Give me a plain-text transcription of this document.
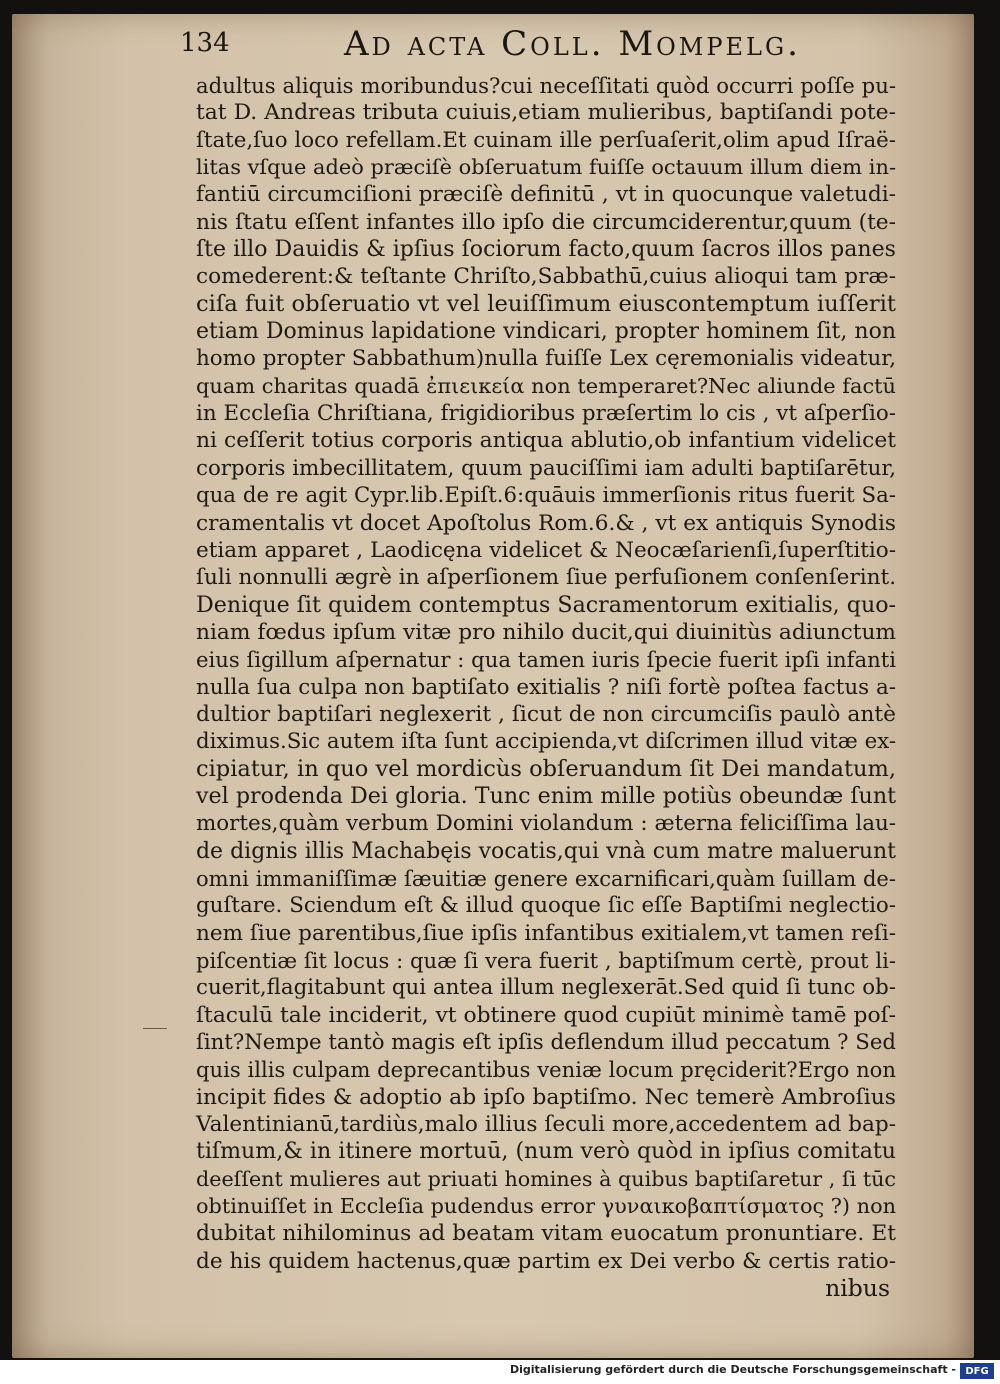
134	Ad acta Coll. Mompelg.
adultus aliquis moribundus?cui neceſſitati quòd occurri poſſe pu-
tat D. Andreas tributa cuiuis,etiam mulieribus, baptiſandi pote-
ſtate,ſuo loco refellam.Et cuinam ille perſuaſerit,olim apud Iſraë-
litas vſque adeò præciſè obſeruatum fuiſſe octauum illum diem in-
fantiū circumciſioni præciſè definitū , vt in quocunque valetudi-
nis ſtatu eſſent infantes illo ipſo die circumciderentur,quum (te-
ſte illo Dauidis & ipſius ſociorum facto,quum ſacros illos panes
comederent:& teſtante Chriſto,Sabbathū,cuius alioqui tam præ-
ciſa fuit obſeruatio vt vel leuiſſimum eiuscontemptum iuſſerit
etiam Dominus lapidatione vindicari, propter hominem ſit, non
homo propter Sabbathum)nulla fuiſſe Lex cęremonialis videatur,
quam charitas quadā ἐπιεικεία non temperaret?Nec aliunde factū
in Eccleſia Chriſtiana, frigidioribus præſertim lo cis , vt aſperſio-
ni ceſſerit totius corporis antiqua ablutio,ob infantium videlicet
corporis imbecillitatem, quum pauciſſimi iam adulti baptiſarētur,
qua de re agit Cypr.lib.Epiſt.6:quāuis immerſionis ritus fuerit Sa-
cramentalis vt docet Apoſtolus Rom.6.& , vt ex antiquis Synodis
etiam apparet , Laodicęna videlicet & Neocæſarienſi,ſuperſtitio-
ſuli nonnulli ægrè in aſperſionem ſiue perfuſionem conſenſerint.
Denique ſit quidem contemptus Sacramentorum exitialis, quo-
niam fœdus ipſum vitæ pro nihilo ducit,qui diuinitùs adiunctum
eius ſigillum aſpernatur : qua tamen iuris ſpecie fuerit ipſi infanti
nulla ſua culpa non baptiſato exitialis ? niſi fortè poſtea factus a-
dultior baptiſari neglexerit , ſicut de non circumciſis paulò antè
diximus.Sic autem iſta ſunt accipienda,vt diſcrimen illud vitæ ex-
cipiatur, in quo vel mordicùs obſeruandum ſit Dei mandatum,
vel prodenda Dei gloria. Tunc enim mille potiùs obeundæ ſunt
mortes,quàm verbum Domini violandum : æterna feliciſſima lau-
de dignis illis Machabęis vocatis,qui vnà cum matre maluerunt
omni immaniſſimæ ſæuitiæ genere excarnificari,quàm ſuillam de-
guſtare. Sciendum eſt & illud quoque ſic eſſe Baptiſmi neglectio-
nem ſiue parentibus,ſiue ipſis infantibus exitialem,vt tamen reſi-
piſcentiæ ſit locus : quæ ſi vera fuerit , baptiſmum certè, prout li-
cuerit,flagitabunt qui antea illum neglexerāt.Sed quid ſi tunc ob-
ſtaculū tale inciderit, vt obtinere quod cupiūt minimè tamē poſ-
ſint?Nempe tantò magis eſt ipſis deflendum illud peccatum ? Sed
quis illis culpam deprecantibus veniæ locum pręciderit?Ergo non
incipit fides & adoptio ab ipſo baptiſmo. Nec temerè Ambroſius
Valentinianū,tardiùs,malo illius ſeculi more,accedentem ad bap-
tiſmum,& in itinere mortuū, (num verò quòd in ipſius comitatu
deeſſent mulieres aut priuati homines à quibus baptiſaretur , ſi tūc
obtinuiſſet in Eccleſia pudendus error γυναικοβαπτίσματος ?) non
dubitat nihilominus ad beatam vitam euocatum pronuntiare. Et
de his quidem hactenus,quæ partim ex Dei verbo & certis ratio-
nibus
Digitalisierung gefördert durch die Deutsche Forschungsgemeinschaft - DFG
